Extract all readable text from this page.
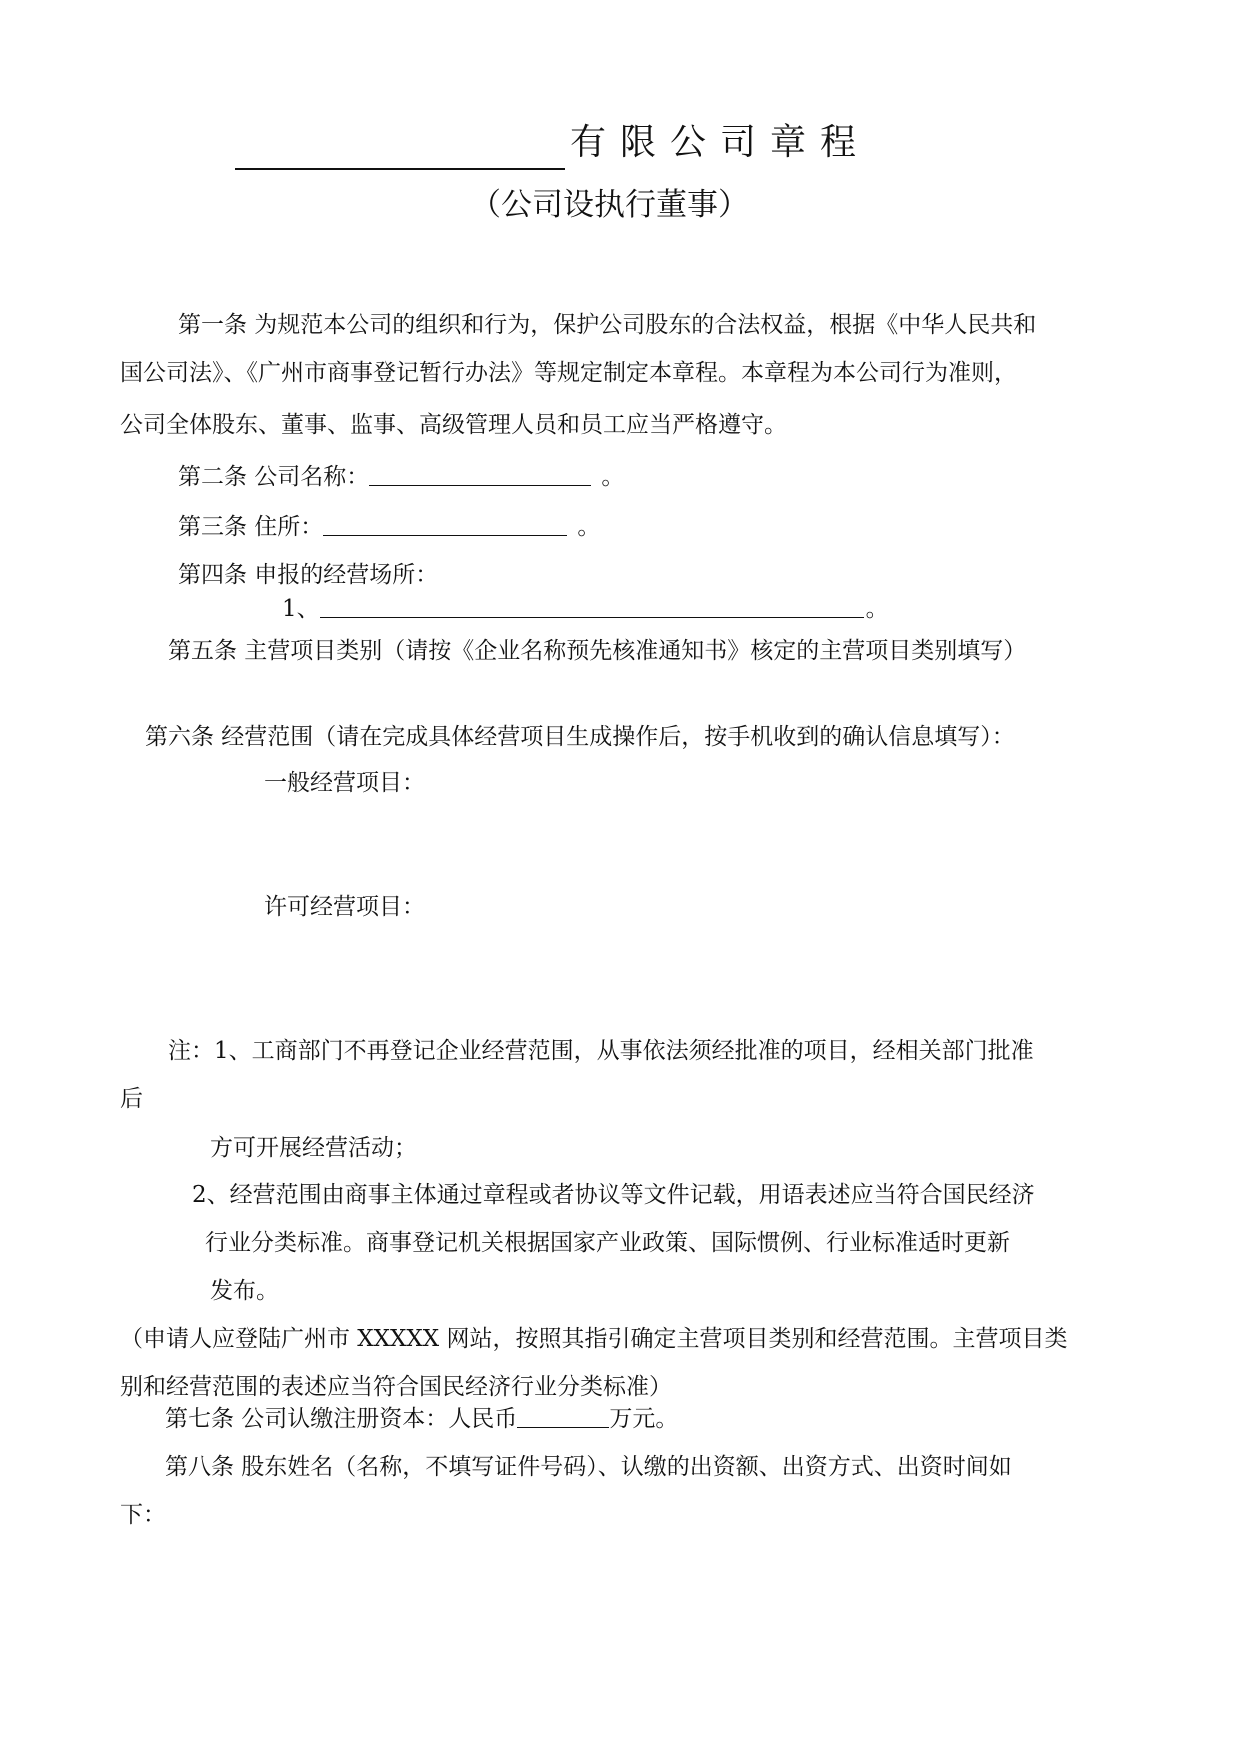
有限公司章程
（公司设执行董事）
第一条 为规范本公司的组织和行为，保护公司股东的合法权益，根据《中华人民共和
国公司法》、《广州市商事登记暂行办法》等规定制定本章程。本章程为本公司行为准则，
公司全体股东、董事、监事、高级管理人员和员工应当严格遵守。
第二条 公司名称：	。
第三条 住所：	。
第四条 申报的经营场所：
1、	。
第五条 主营项目类别（请按《企业名称预先核准通知书》核定的主营项目类别填写）
第六条 经营范围（请在完成具体经营项目生成操作后，按手机收到的确认信息填写）：
一般经营项目：
许可经营项目：
注：1、工商部门不再登记企业经营范围，从事依法须经批准的项目，经相关部门批准
后
方可开展经营活动；
2、经营范围由商事主体通过章程或者协议等文件记载，用语表述应当符合国民经济
行业分类标准。商事登记机关根据国家产业政策、国际惯例、行业标准适时更新
发布。
（申请人应登陆广州市 XXXXX 网站，按照其指引确定主营项目类别和经营范围。主营项目类
别和经营范围的表述应当符合国民经济行业分类标准）
第七条 公司认缴注册资本：人民币	万元。
第八条 股东姓名（名称，不填写证件号码）、认缴的出资额、出资方式、出资时间如
下：
